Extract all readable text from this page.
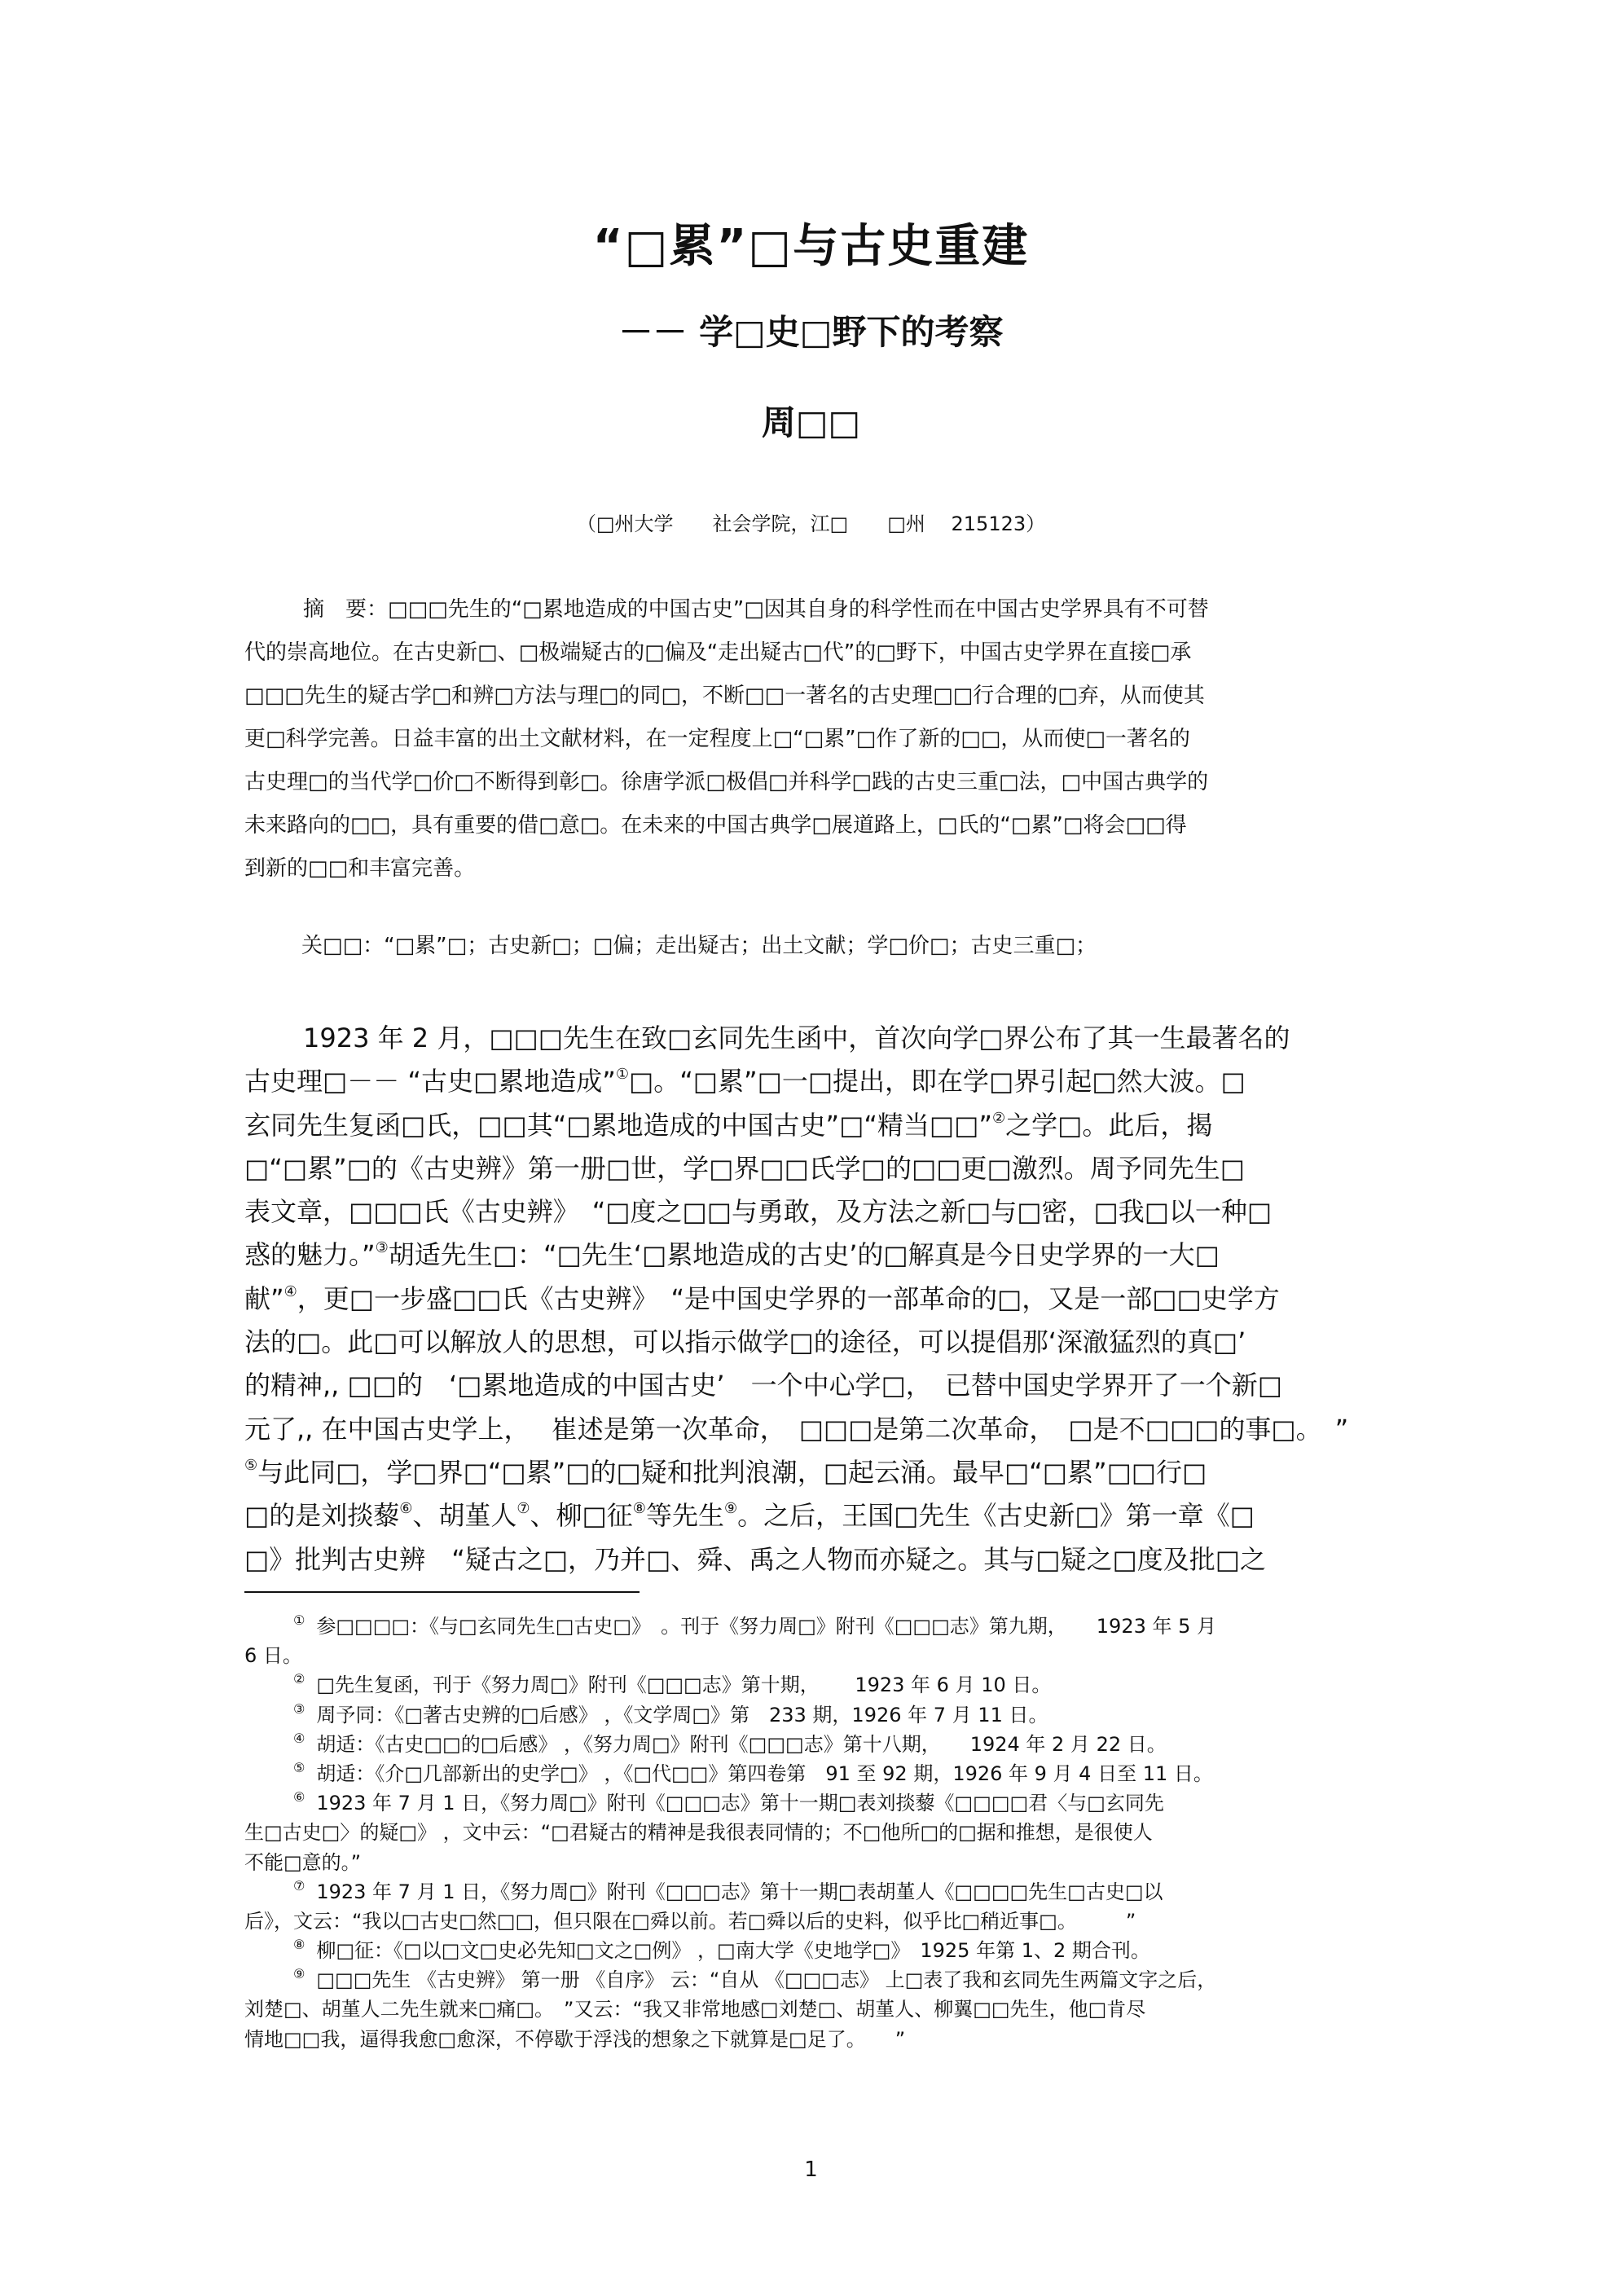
“□累”□与古史重建
－－ 学□史□野下的考察
周□□
（□州大学　　社会学院，江□　　□州　 215123）
摘　要：□□□先生的“□累地造成的中国古史”□因其自身的科学性而在中国古史学界具有不可替
代的崇高地位。在古史新□、□极端疑古的□偏及“走出疑古□代”的□野下，中国古史学界在直接□承
□□□先生的疑古学□和辨□方法与理□的同□，不断□□一著名的古史理□□行合理的□弃，从而使其
更□科学完善。日益丰富的出土文献材料，在一定程度上□“□累”□作了新的□□，从而使□一著名的
古史理□的当代学□价□不断得到彰□。徐唐学派□极倡□并科学□践的古史三重□法，□中国古典学的
未来路向的□□，具有重要的借□意□。在未来的中国古典学□展道路上，□氏的“□累”□将会□□得
到新的□□和丰富完善。
关□□：“□累”□；古史新□；□偏；走出疑古；出土文献；学□价□；古史三重□；
1923 年 2 月，□□□先生在致□玄同先生函中，首次向学□界公布了其一生最著名的
古史理□－－ “古史□累地造成”①□。“□累”□一□提出，即在学□界引起□然大波。□
玄同先生复函□氏，□□其“□累地造成的中国古史”□“精当□□”②之学□。此后，揭
□“□累”□的《古史辨》第一册□世，学□界□□氏学□的□□更□激烈。周予同先生□
表文章，□□□氏《古史辨》　“□度之□□与勇敢，及方法之新□与□密，□我□以一种□
惑的魅力。”③胡适先生□：“□先生‘□累地造成的古史’的□解真是今日史学界的一大□
献”④，更□一步盛□□氏《古史辨》　“是中国史学界的一部革命的□，又是一部□□史学方
法的□。此□可以解放人的思想，可以指示做学□的途径，可以提倡那‘深澈猛烈的真□’
的精神,, □□的　‘□累地造成的中国古史’　一个中心学□，　已替中国史学界开了一个新□
元了,, 在中国古史学上，　 崔述是第一次革命，　□□□是第二次革命，　□是不□□□的事□。　”
⑤与此同□，学□界□“□累”□的□疑和批判浪潮，□起云涌。最早□“□累”□□行□
□的是刘掞藜⑥、胡堇人⑦、柳□征⑧等先生⑨。之后，王国□先生《古史新□》第一章《□
□》批判古史辨　“疑古之□，乃并□、舜、禹之人物而亦疑之。其与□疑之□度及批□之
① 参□□□□：《与□玄同先生□古史□》　。刊于《努力周□》附刊《□□□志》第九期，　　1923 年 5 月
6 日。
② □先生复函，刊于《努力周□》附刊《□□□志》第十期，　　 1923 年 6 月 10 日。
③ 周予同：《□著古史辨的□后感》 ，《文学周□》第　233 期，1926 年 7 月 11 日。
④ 胡适：《古史□□的□后感》 ，《努力周□》附刊《□□□志》第十八期，　　1924 年 2 月 22 日。
⑤ 胡适：《介□几部新出的史学□》 ，《□代□□》第四卷第　91 至 92 期，1926 年 9 月 4 日至 11 日。
⑥ 1923 年 7 月 1 日，《努力周□》附刊《□□□志》第十一期□表刘掞藜《□□□□君〈与□玄同先
生□古史□〉的疑□》 ，文中云：“□君疑古的精神是我很表同情的；不□他所□的□据和推想，是很使人
不能□意的。”
⑦ 1923 年 7 月 1 日，《努力周□》附刊《□□□志》第十一期□表胡堇人《□□□□先生□古史□以
后》，文云：“我以□古史□然□□，但只限在□舜以前。若□舜以后的史料，似乎比□稍近事□。　　　”
⑧ 柳□征：《□以□文□史必先知□文之□例》 ，□南大学《史地学□》　1925 年第 1、2 期合刊。
⑨ □□□先生 《古史辨》 第一册 《自序》 云：“自从 《□□□志》 上□表了我和玄同先生两篇文字之后，
刘楚□、胡堇人二先生就来□痛□。　”又云：“我又非常地感□刘楚□、胡堇人、柳翼□□先生，他□肯尽
情地□□我，逼得我愈□愈深，不停歇于浮浅的想象之下就算是□足了。　　”
1
